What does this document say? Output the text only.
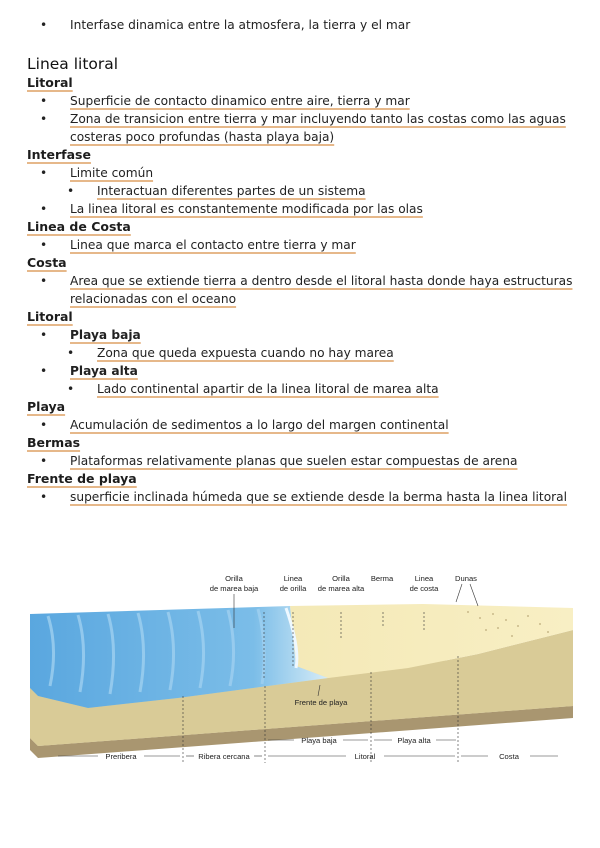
• Interfase dinamica entre la atmosfera, la tierra y el mar
Linea litoral
Litoral
• Superficie de contacto dinamico entre aire, tierra y mar
• Zona de transicion entre tierra y mar incluyendo tanto las costas como las aguas
costeras poco profundas (hasta playa baja)
Interfase
• Limite común
• Interactuan diferentes partes de un sistema
• La linea litoral es constantemente modificada por las olas
Linea de Costa
• Linea que marca el contacto entre tierra y mar
Costa
• Area que se extiende tierra a dentro desde el litoral hasta donde haya estructuras
relacionadas con el oceano
Litoral
• Playa baja
• Zona que queda expuesta cuando no hay marea
• Playa alta
• Lado continental apartir de la linea litoral de marea alta
Playa
• Acumulación de sedimentos a lo largo del margen continental
Bermas
• Plataformas relativamente planas que suelen estar compuestas de arena
Frente de playa
• superficie inclinada húmeda que se extiende desde la berma hasta la linea litoral
Orilla
de marea baja
Linea
de orilla
Orilla
de marea alta
Berma	Linea
de costa
Dunas
Frente de playa
Playa baja	Playa alta
Preribera	Ribera cercana	Litoral	Costa
